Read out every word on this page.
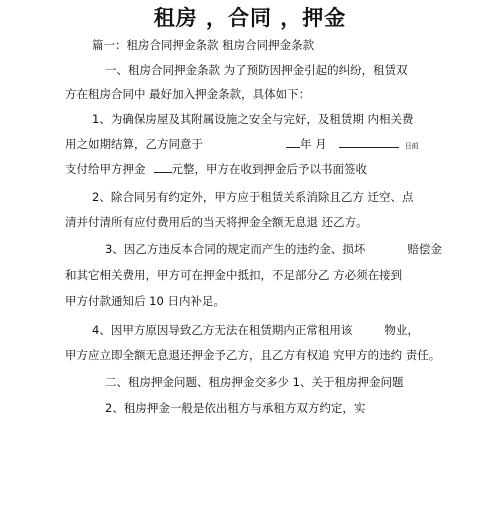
租房 ，合同 ，押金
篇一：租房合同押金条款 租房合同押金条款
一、租房合同押金条款 为了预防因押金引起的纠纷，租赁双
方在租房合同中 最好加入押金条款，具体如下：
1、为确保房屋及其附属设施之安全与完好，及租赁期 内相关费
用之如期结算，乙方同意于	年 月	日前
支付给甲方押金 元整，甲方在收到押金后予以书面签收
2、除合同另有约定外，甲方应于租赁关系消除且乙方 迁空、点
清并付清所有应付费用后的当天将押金全额无息退 还乙方。
3、因乙方违反本合同的规定而产生的违约金、损坏	赔偿金
和其它相关费用，甲方可在押金中抵扣，不足部分乙 方必须在接到
甲方付款通知后 10 日内补足。
4、因甲方原因导致乙方无法在租赁期内正常租用该	物业，
甲方应立即全额无息退还押金予乙方，且乙方有权追 究甲方的违约 责任。
二、租房押金问题、租房押金交多少 1、关于租房押金问题
2、租房押金一般是依出租方与承租方双方约定，实
